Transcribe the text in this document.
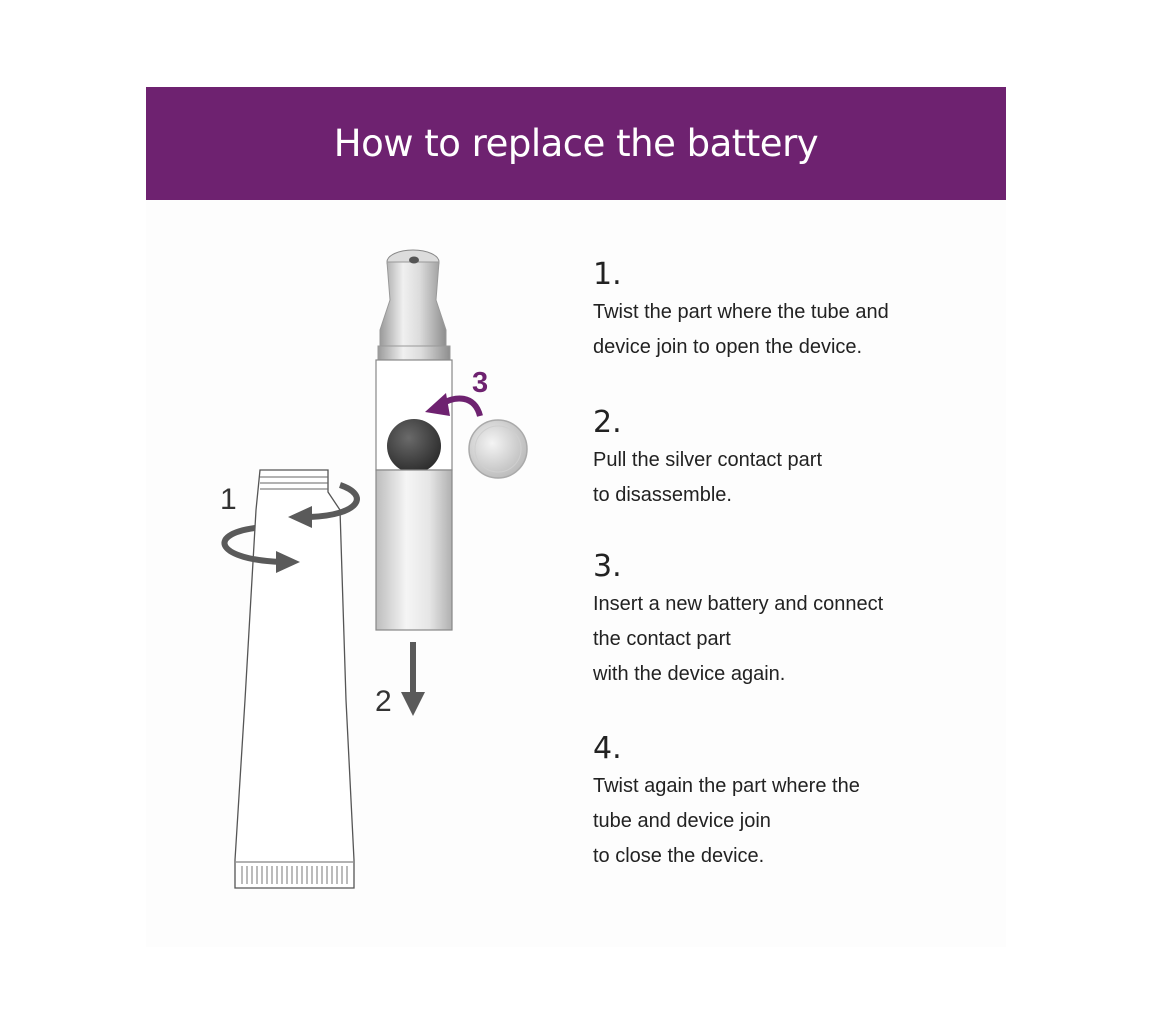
How to replace the battery
1
2
3
1.
Twist the part where the tube and
device join to open the device.
2.
Pull the silver contact part
to disassemble.
3.
Insert a new battery and connect
the contact part
with the device again.
4.
Twist again the part where the
tube and device join
to close the device.
